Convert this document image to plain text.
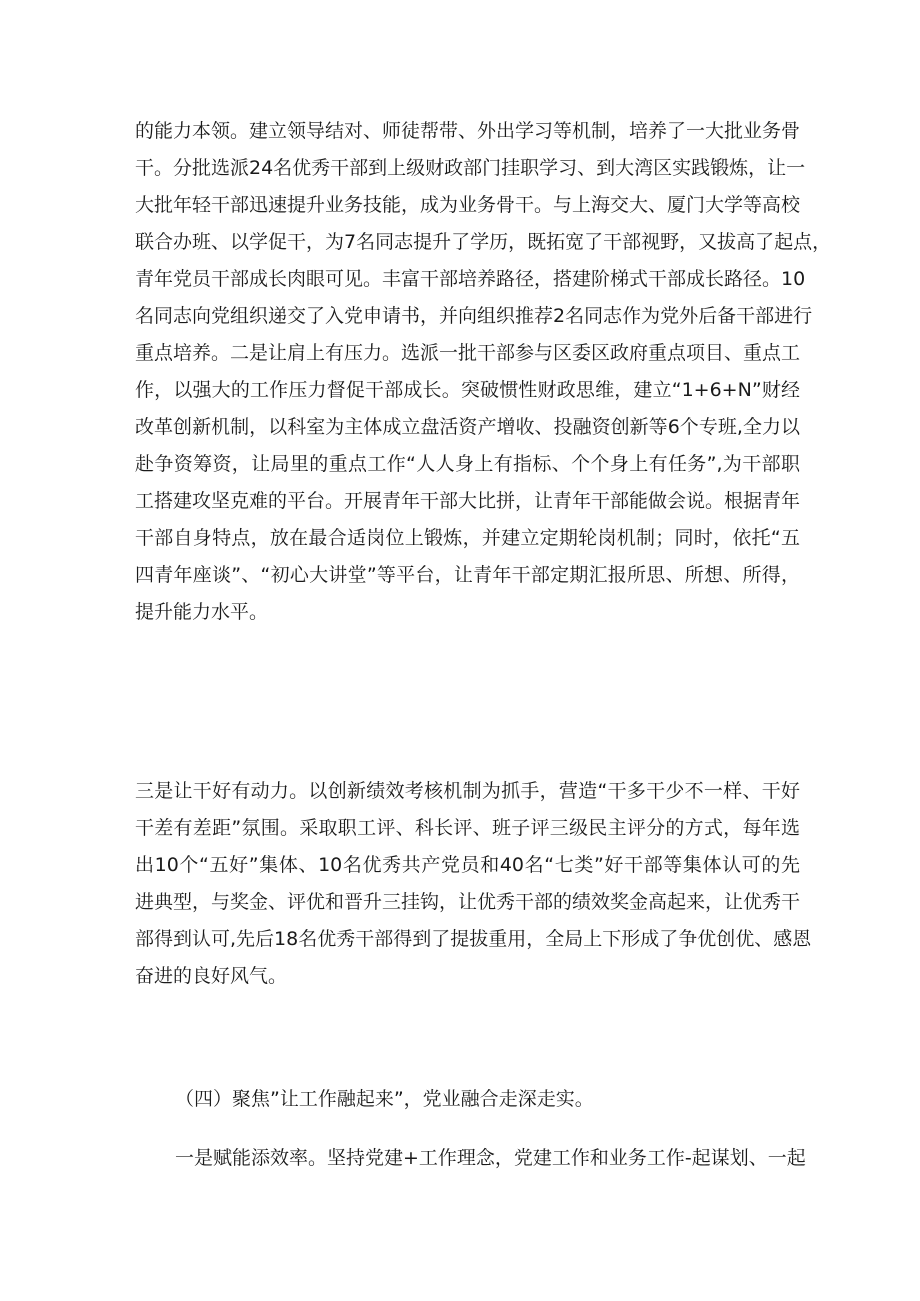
的能力本领。建立领导结对、师徒帮带、外出学习等机制，培养了一大批业务骨
干。分批选派24名优秀干部到上级财政部门挂职学习、到大湾区实践锻炼，让一
大批年轻干部迅速提升业务技能，成为业务骨干。与上海交大、厦门大学等高校
联合办班、以学促干，为7名同志提升了学历，既拓宽了干部视野，又拔高了起点，
青年党员干部成长肉眼可见。丰富干部培养路径，搭建阶梯式干部成长路径。10
名同志向党组织递交了入党申请书，并向组织推荐2名同志作为党外后备干部进行
重点培养。二是让肩上有压力。选派一批干部参与区委区政府重点项目、重点工
作，以强大的工作压力督促干部成长。突破惯性财政思维，建立“1+6+N”财经
改革创新机制，以科室为主体成立盘活资产增收、投融资创新等6个专班,全力以
赴争资筹资，让局里的重点工作“人人身上有指标、个个身上有任务”,为干部职
工搭建攻坚克难的平台。开展青年干部大比拼，让青年干部能做会说。根据青年
干部自身特点，放在最合适岗位上锻炼，并建立定期轮岗机制；同时，依托“五
四青年座谈”、“初心大讲堂”等平台，让青年干部定期汇报所思、所想、所得，
提升能力水平。
三是让干好有动力。以创新绩效考核机制为抓手，营造“干多干少不一样、干好
干差有差距”氛围。采取职工评、科长评、班子评三级民主评分的方式，每年选
出10个“五好”集体、10名优秀共产党员和40名“七类”好干部等集体认可的先
进典型，与奖金、评优和晋升三挂钩，让优秀干部的绩效奖金高起来，让优秀干
部得到认可,先后18名优秀干部得到了提拔重用，全局上下形成了争优创优、感恩
奋进的良好风气。
（四）聚焦”让工作融起来”，党业融合走深走实。
一是赋能添效率。坚持党建+工作理念，党建工作和业务工作-起谋划、一起
